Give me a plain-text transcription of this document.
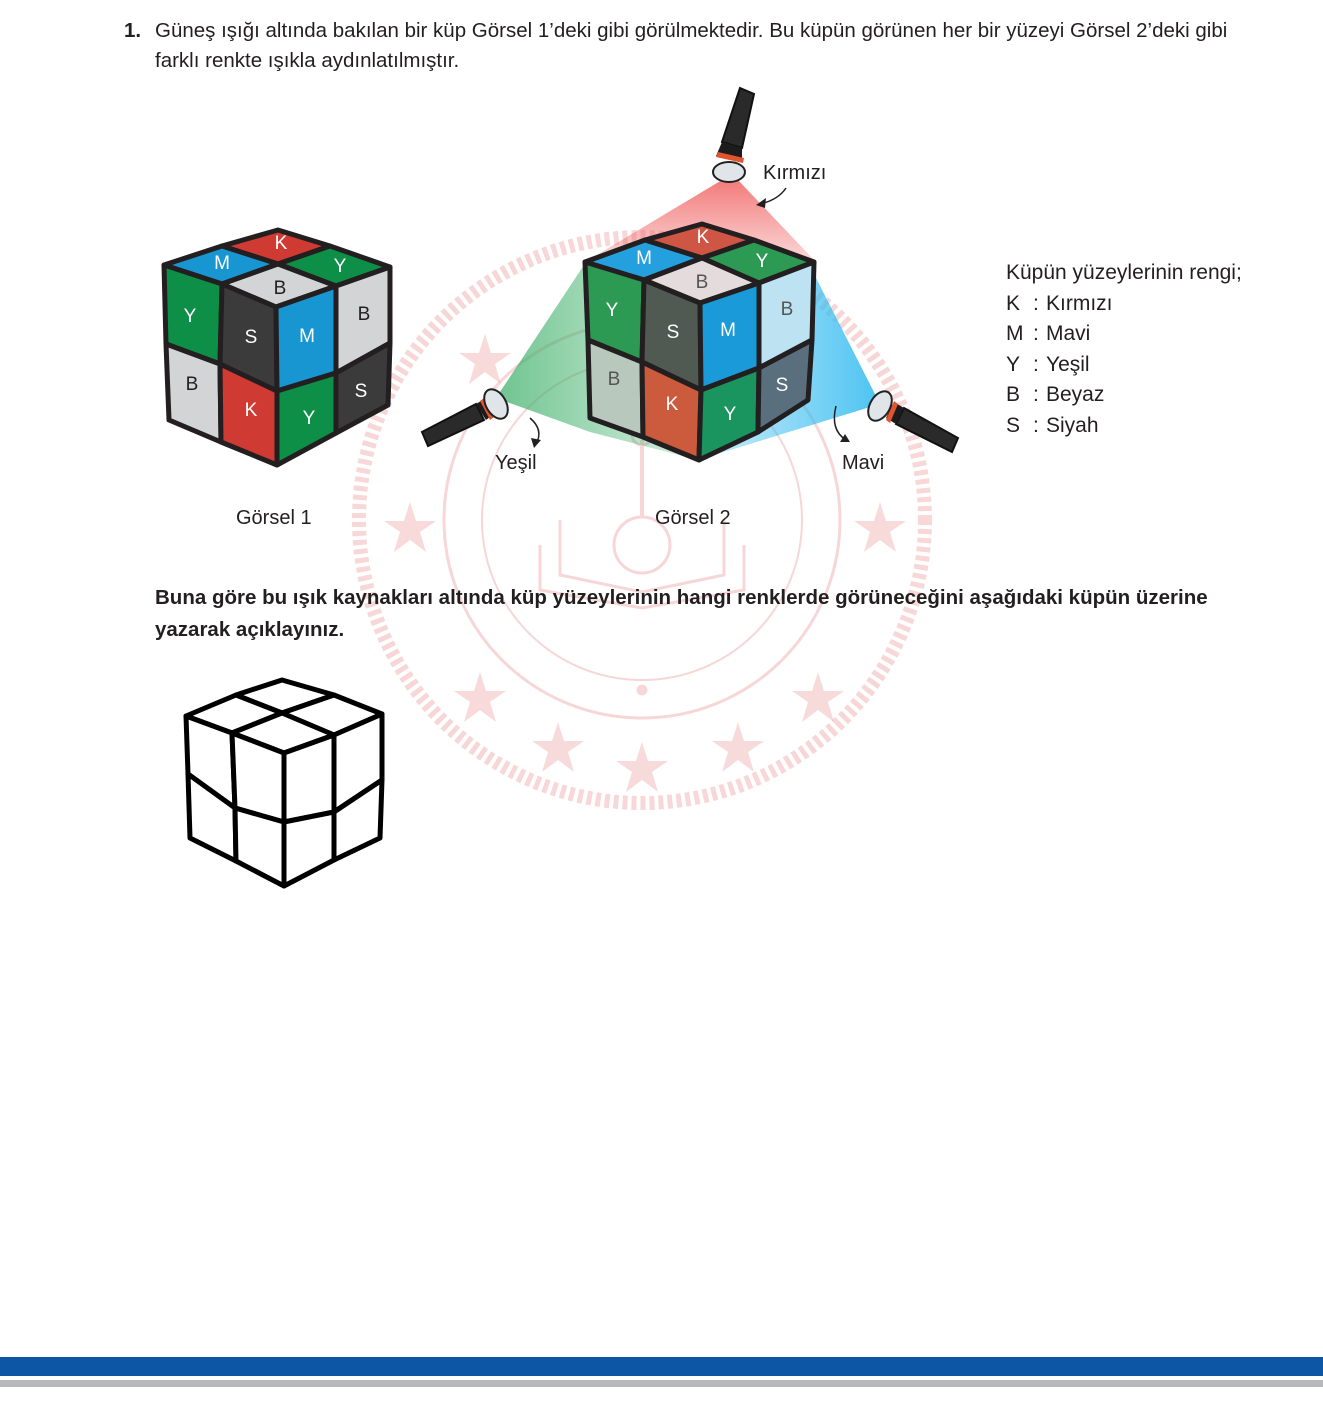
1. Güneş ışığı altında bakılan bir küp Görsel 1’deki gibi görülmektedir. Bu küpün görünen her bir yüzeyi Görsel 2’deki gibi farklı renkte ışıkla aydınlatılmıştır.
K
M	Y
B
Y
S
B
K
M
B
Y
S
Görsel 1
K
M	Y
B
Y
S
B
K
M
B
Y
S
Kırmızı
Yeşil	Mavi
Görsel 2
Küpün yüzeylerinin rengi;
K : Kırmızı
M : Mavi
Y : Yeşil
B : Beyaz
S : Siyah
Buna göre bu ışık kaynakları altında küp yüzeylerinin hangi renklerde görüneceğini aşağıdaki küpün üzerine yazarak açıklayınız.
